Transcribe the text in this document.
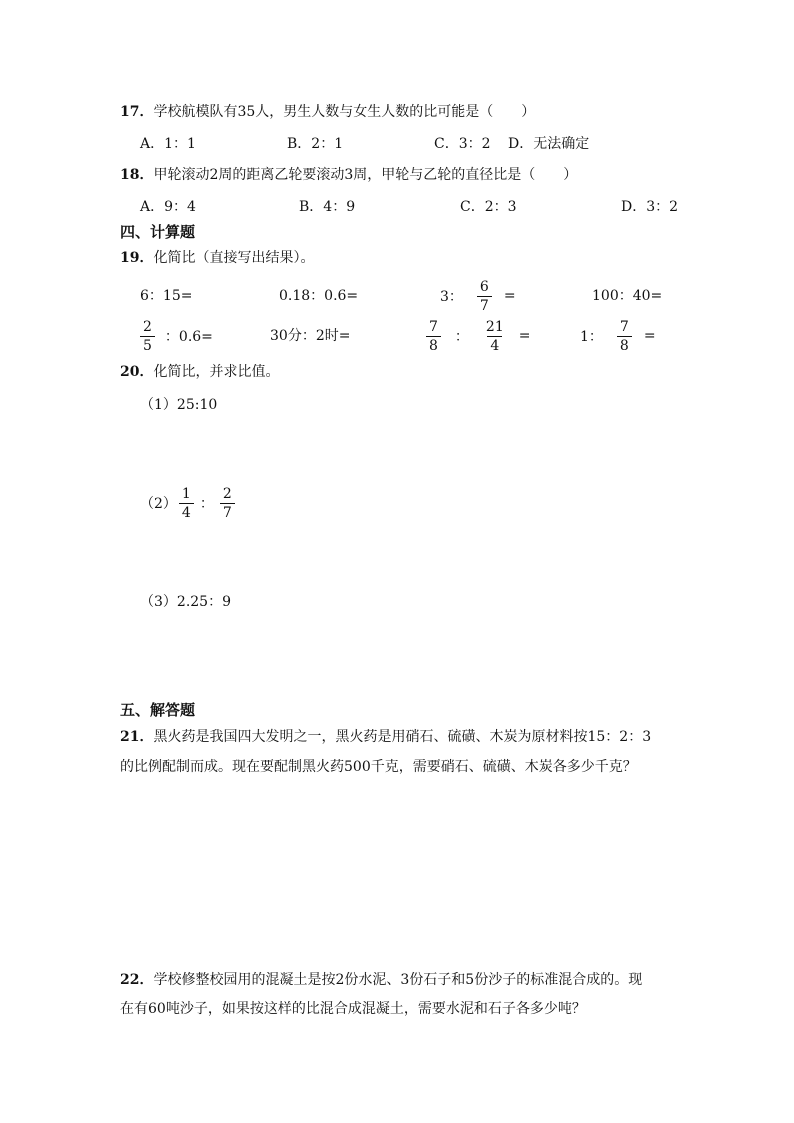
17．学校航模队有35人，男生人数与女生人数的比可能是（　　）
A．1：1	B．2：1	C．3：2 D．无法确定
18．甲轮滚动2周的距离乙轮要滚动3周，甲轮与乙轮的直径比是（　　）
A．9：4	B．4：9	C．2：3	D．3：2
四、计算题
19．化简比（直接写出结果）。
6：15=	0.18：0.6=	3： $\frac{6}{7}$ =	100：40=
$\frac{2}{5}$ ：0.6=	30分：2时=	$\frac{7}{8}$ ： $\frac{21}{4}$ =	1： $\frac{7}{8}$ =
20．化简比，并求比值。
（1）25:10
$(2) \frac{1}{4}$ ： $\frac{2}{7}$
（3）2.25：9
五、解答题
21．黑火药是我国四大发明之一，黑火药是用硝石、硫磺、木炭为原材料按15：2：3
的比例配制而成。现在要配制黑火药500千克，需要硝石、硫磺、木炭各多少千克？
22．学校修整校园用的混凝土是按2份水泥、3份石子和5份沙子的标准混合成的。现
在有60吨沙子，如果按这样的比混合成混凝土，需要水泥和石子各多少吨？
